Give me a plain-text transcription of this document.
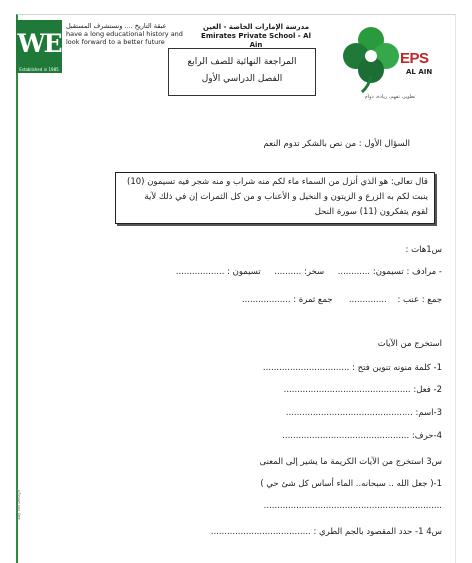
WE
Established in 1985
عبقة التاريخ .... ونستشرف المستقبل
have a long educational history and look forward to a better future
مدرسة الإمارات الخاصة - العين
Emirates Private School - Al Ain
المراجعة النهائية للصف الرابع
الفصل الدراسي الأول
EPS
AL AIN
تطوير، تفهم، ريادة، دوام
السؤال الأول : من نص بالشكر تدوم النعم
قال تعالى: هو الذي أنزل من السماء ماء لكم منه شراب و منه شجر فيه تسيمون (10)
ينبت لكم به الزرع و الزيتون و النخيل و الأعناب و من كل الثمرات إن في ذلك لآية
لقوم يتفكرون (11) سورة النحل
س1هات :
- مرادف : تسيمون: ............     سخر: ..........     تسيمون : ..................
جمع : عنب :    ..............      جمع ثمرة : ..................
استخرج من الآيات
1- كلمة منونه تنوين فتح : ................................
2- فعل: ...............................................
3-اسم: ...............................................
4-حرف: ...............................................
س3 استخرج من الآيات الكريمة ما يشير إلى المعنى
1-( جعل الله .. سبحانه.. الماء أساس كل شئ حي )
..................................................................
س4 1- حدد المقصود بالجم الطري : .....................................
Say Yes Design
